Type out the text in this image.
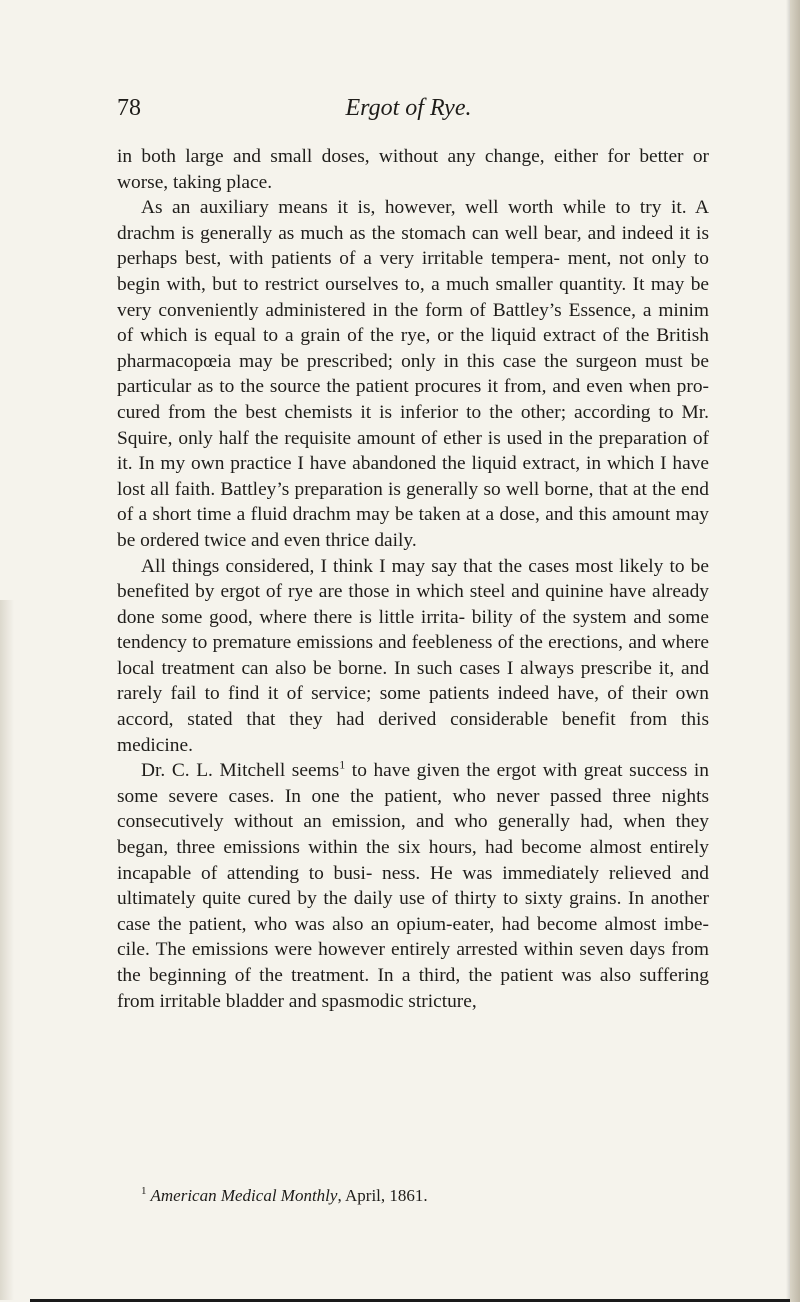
78	Ergot of Rye.

in both large and small doses, without any change, either for better or worse, taking place.

As an auxiliary means it is, however, well worth while to try it. A drachm is generally as much as the stomach can well bear, and indeed it is perhaps best, with patients of a very irritable tempera- ment, not only to begin with, but to restrict ourselves to, a much smaller quantity. It may be very conveniently administered in the form of Battley’s Essence, a minim of which is equal to a grain of the rye, or the liquid extract of the British pharmacopœia may be prescribed; only in this case the surgeon must be particular as to the source the patient procures it from, and even when pro- cured from the best chemists it is inferior to the other; according to Mr. Squire, only half the requisite amount of ether is used in the preparation of it. In my own practice I have abandoned the liquid extract, in which I have lost all faith. Battley’s preparation is generally so well borne, that at the end of a short time a fluid drachm may be taken at a dose, and this amount may be ordered twice and even thrice daily.

All things considered, I think I may say that the cases most likely to be benefited by ergot of rye are those in which steel and quinine have already done some good, where there is little irrita- bility of the system and some tendency to premature emissions and feebleness of the erections, and where local treatment can also be borne. In such cases I always prescribe it, and rarely fail to find it of service; some patients indeed have, of their own accord, stated that they had derived considerable benefit from this medicine.

Dr. C. L. Mitchell seems$^1$ to have given the ergot with great success in some severe cases. In one the patient, who never passed three nights consecutively without an emission, and who generally had, when they began, three emissions within the six hours, had become almost entirely incapable of attending to busi- ness. He was immediately relieved and ultimately quite cured by the daily use of thirty to sixty grains. In another case the patient, who was also an opium-eater, had become almost imbe- cile. The emissions were however entirely arrested within seven days from the beginning of the treatment. In a third, the patient was also suffering from irritable bladder and spasmodic stricture,

$^1$ American Medical Monthly, April, 1861.
